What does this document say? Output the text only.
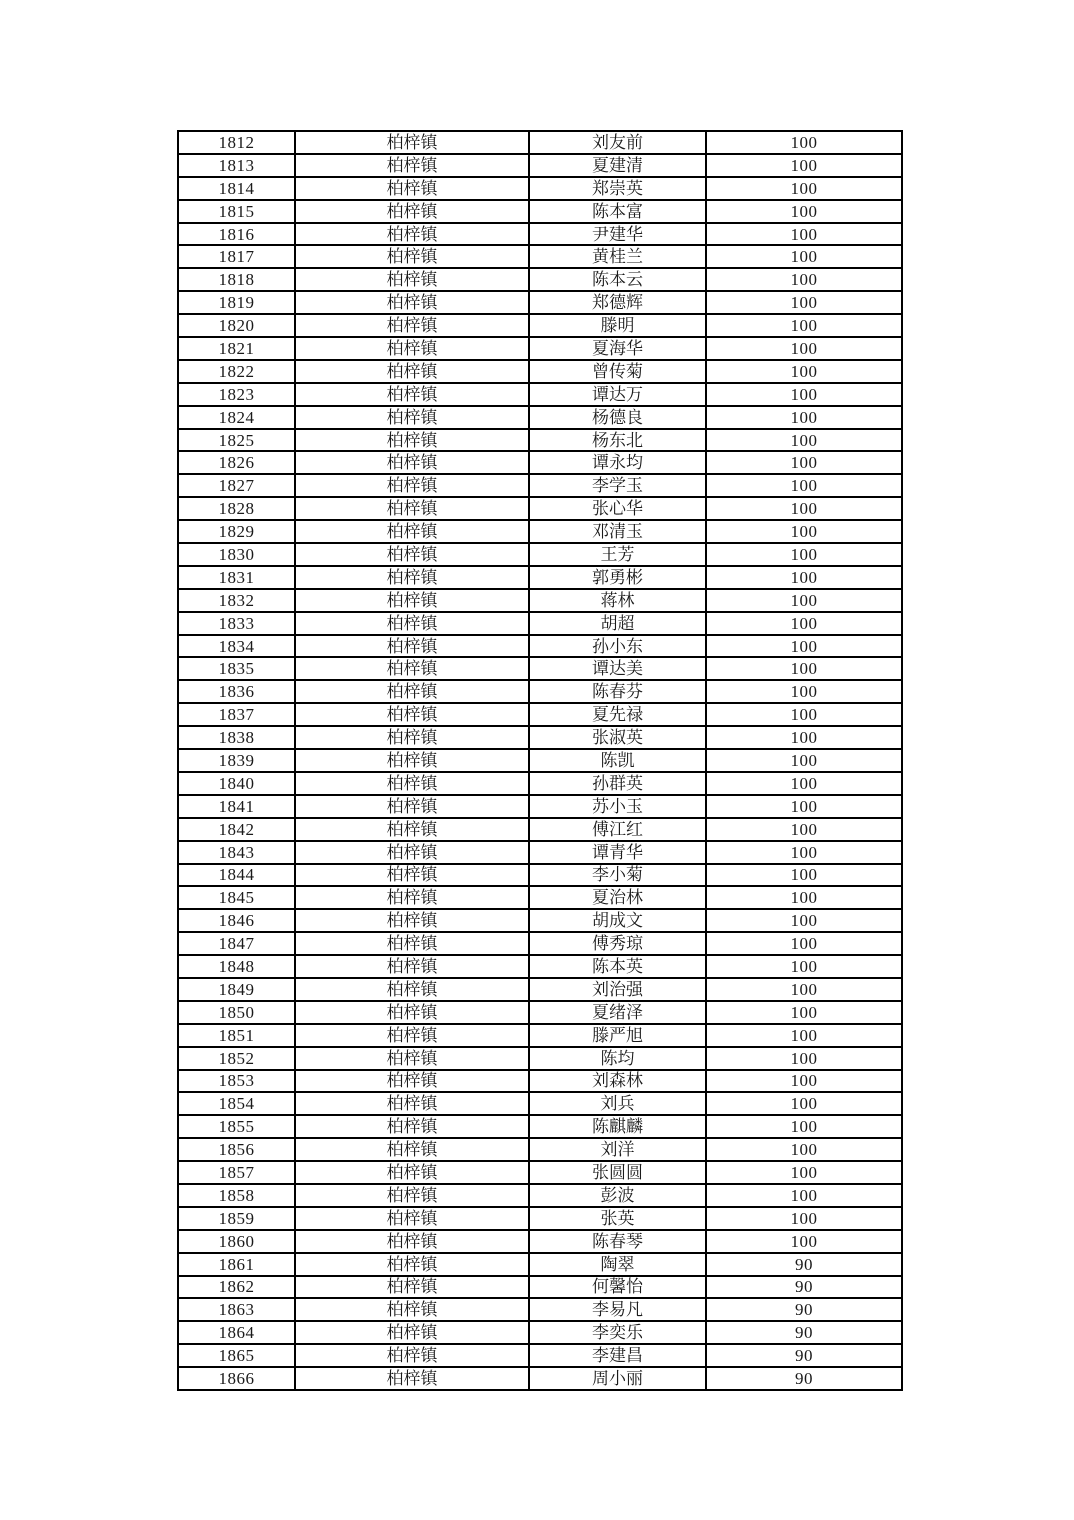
1812	柏梓镇	刘友前	100
1813	柏梓镇	夏建清	100
1814	柏梓镇	郑崇英	100
1815	柏梓镇	陈本富	100
1816	柏梓镇	尹建华	100
1817	柏梓镇	黄桂兰	100
1818	柏梓镇	陈本云	100
1819	柏梓镇	郑德辉	100
1820	柏梓镇	滕明	100
1821	柏梓镇	夏海华	100
1822	柏梓镇	曾传菊	100
1823	柏梓镇	谭达万	100
1824	柏梓镇	杨德良	100
1825	柏梓镇	杨东北	100
1826	柏梓镇	谭永均	100
1827	柏梓镇	李学玉	100
1828	柏梓镇	张心华	100
1829	柏梓镇	邓清玉	100
1830	柏梓镇	王芳	100
1831	柏梓镇	郭勇彬	100
1832	柏梓镇	蒋林	100
1833	柏梓镇	胡超	100
1834	柏梓镇	孙小东	100
1835	柏梓镇	谭达美	100
1836	柏梓镇	陈春芬	100
1837	柏梓镇	夏先禄	100
1838	柏梓镇	张淑英	100
1839	柏梓镇	陈凯	100
1840	柏梓镇	孙群英	100
1841	柏梓镇	苏小玉	100
1842	柏梓镇	傅江红	100
1843	柏梓镇	谭青华	100
1844	柏梓镇	李小菊	100
1845	柏梓镇	夏治林	100
1846	柏梓镇	胡成文	100
1847	柏梓镇	傅秀琼	100
1848	柏梓镇	陈本英	100
1849	柏梓镇	刘治强	100
1850	柏梓镇	夏绪泽	100
1851	柏梓镇	滕严旭	100
1852	柏梓镇	陈均	100
1853	柏梓镇	刘森林	100
1854	柏梓镇	刘兵	100
1855	柏梓镇	陈麒麟	100
1856	柏梓镇	刘洋	100
1857	柏梓镇	张圆圆	100
1858	柏梓镇	彭波	100
1859	柏梓镇	张英	100
1860	柏梓镇	陈春琴	100
1861	柏梓镇	陶翠	90
1862	柏梓镇	何馨怡	90
1863	柏梓镇	李易凡	90
1864	柏梓镇	李奕乐	90
1865	柏梓镇	李建昌	90
1866	柏梓镇	周小丽	90
